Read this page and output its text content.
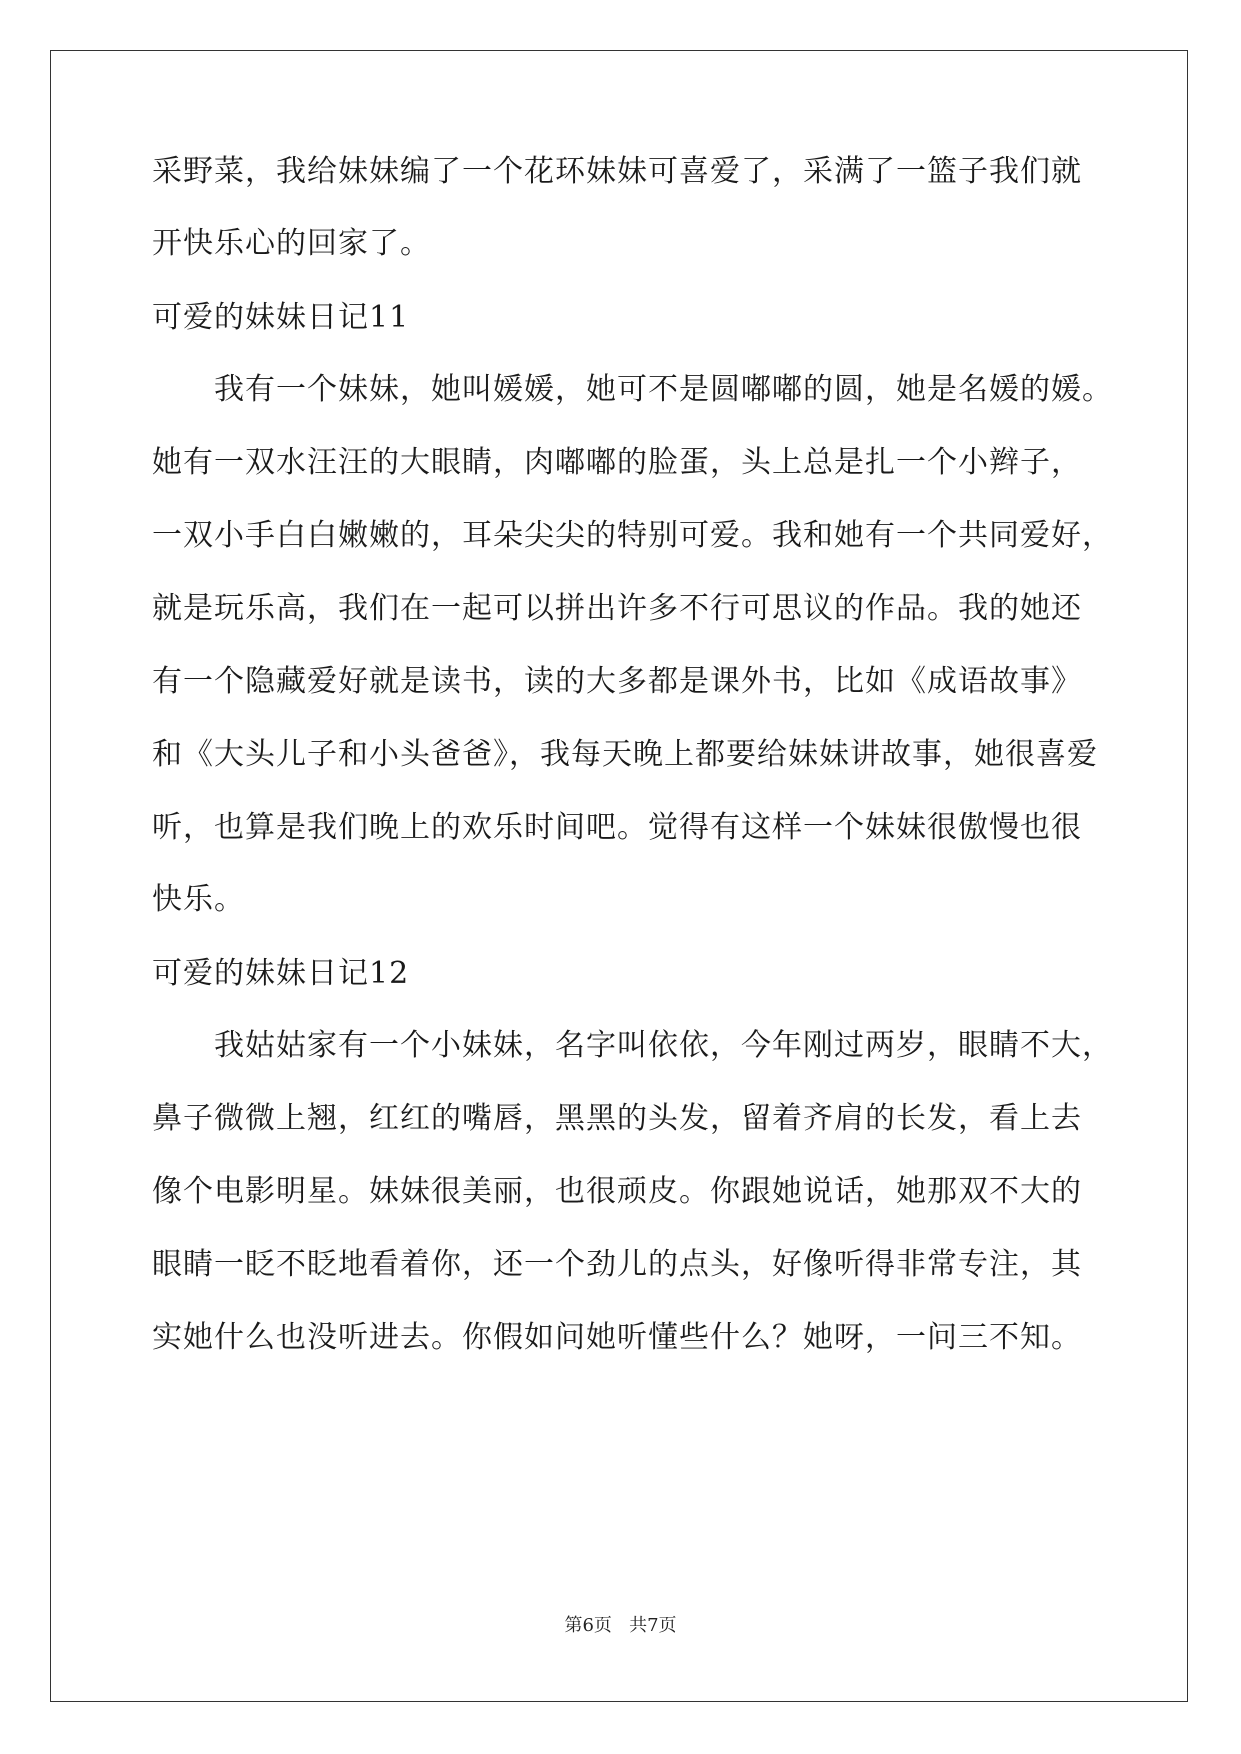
采野菜，我给妹妹编了一个花环妹妹可喜爱了，采满了一篮子我们就
开快乐心的回家了。
可爱的妹妹日记11
我有一个妹妹，她叫媛媛，她可不是圆嘟嘟的圆，她是名媛的媛。
她有一双水汪汪的大眼睛，肉嘟嘟的脸蛋，头上总是扎一个小辫子，
一双小手白白嫩嫩的，耳朵尖尖的特别可爱。我和她有一个共同爱好，
就是玩乐高，我们在一起可以拼出许多不行可思议的作品。我的她还
有一个隐藏爱好就是读书，读的大多都是课外书，比如《成语故事》
和《大头儿子和小头爸爸》，我每天晚上都要给妹妹讲故事，她很喜爱
听，也算是我们晚上的欢乐时间吧。觉得有这样一个妹妹很傲慢也很
快乐。
可爱的妹妹日记12
我姑姑家有一个小妹妹，名字叫依依，今年刚过两岁，眼睛不大，
鼻子微微上翘，红红的嘴唇，黑黑的头发，留着齐肩的长发，看上去
像个电影明星。妹妹很美丽，也很顽皮。你跟她说话，她那双不大的
眼睛一眨不眨地看着你，还一个劲儿的点头，好像听得非常专注，其
实她什么也没听进去。你假如问她听懂些什么？她呀，一问三不知。
第6页   共7页
